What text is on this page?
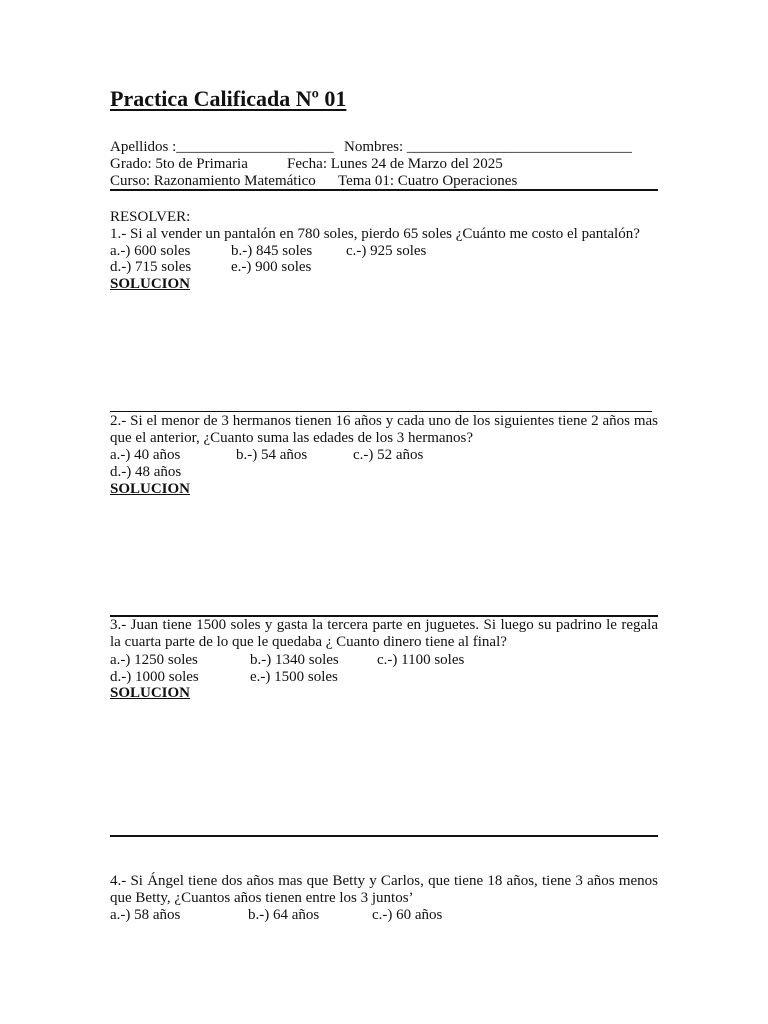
Practica Calificada Nº 01
Apellidos :_____________________ Nombres: ______________________________
Grado: 5to de Primaria	Fecha: Lunes 24 de Marzo del 2025
Curso: Razonamiento Matemático Tema 01: Cuatro Operaciones
RESOLVER:
1.- Si al vender un pantalón en 780 soles, pierdo 65 soles ¿Cuánto me costo el pantalón?
a.-) 600 soles	b.-) 845 soles c.-) 925 soles
d.-) 715 soles	e.-) 900 soles
SOLUCION
2.- Si el menor de 3 hermanos tienen 16 años y cada uno de los siguientes tiene 2 años mas que el anterior, ¿Cuanto suma las edades de los 3 hermanos?
a.-) 40 años	b.-) 54 años	c.-) 52 años
d.-) 48 años
SOLUCION
3.- Juan tiene 1500 soles y gasta la tercera parte en juguetes. Si luego su padrino le regala la cuarta parte de lo que le quedaba ¿ Cuanto dinero tiene al final?
a.-) 1250 soles	b.-) 1340 soles	c.-) 1100 soles
d.-) 1000 soles	e.-) 1500 soles
SOLUCION
4.- Si Ángel tiene dos años mas que Betty y Carlos, que tiene 18 años, tiene 3 años menos que Betty, ¿Cuantos años tienen entre los 3 juntos’
a.-) 58 años	b.-) 64 años	c.-) 60 años
